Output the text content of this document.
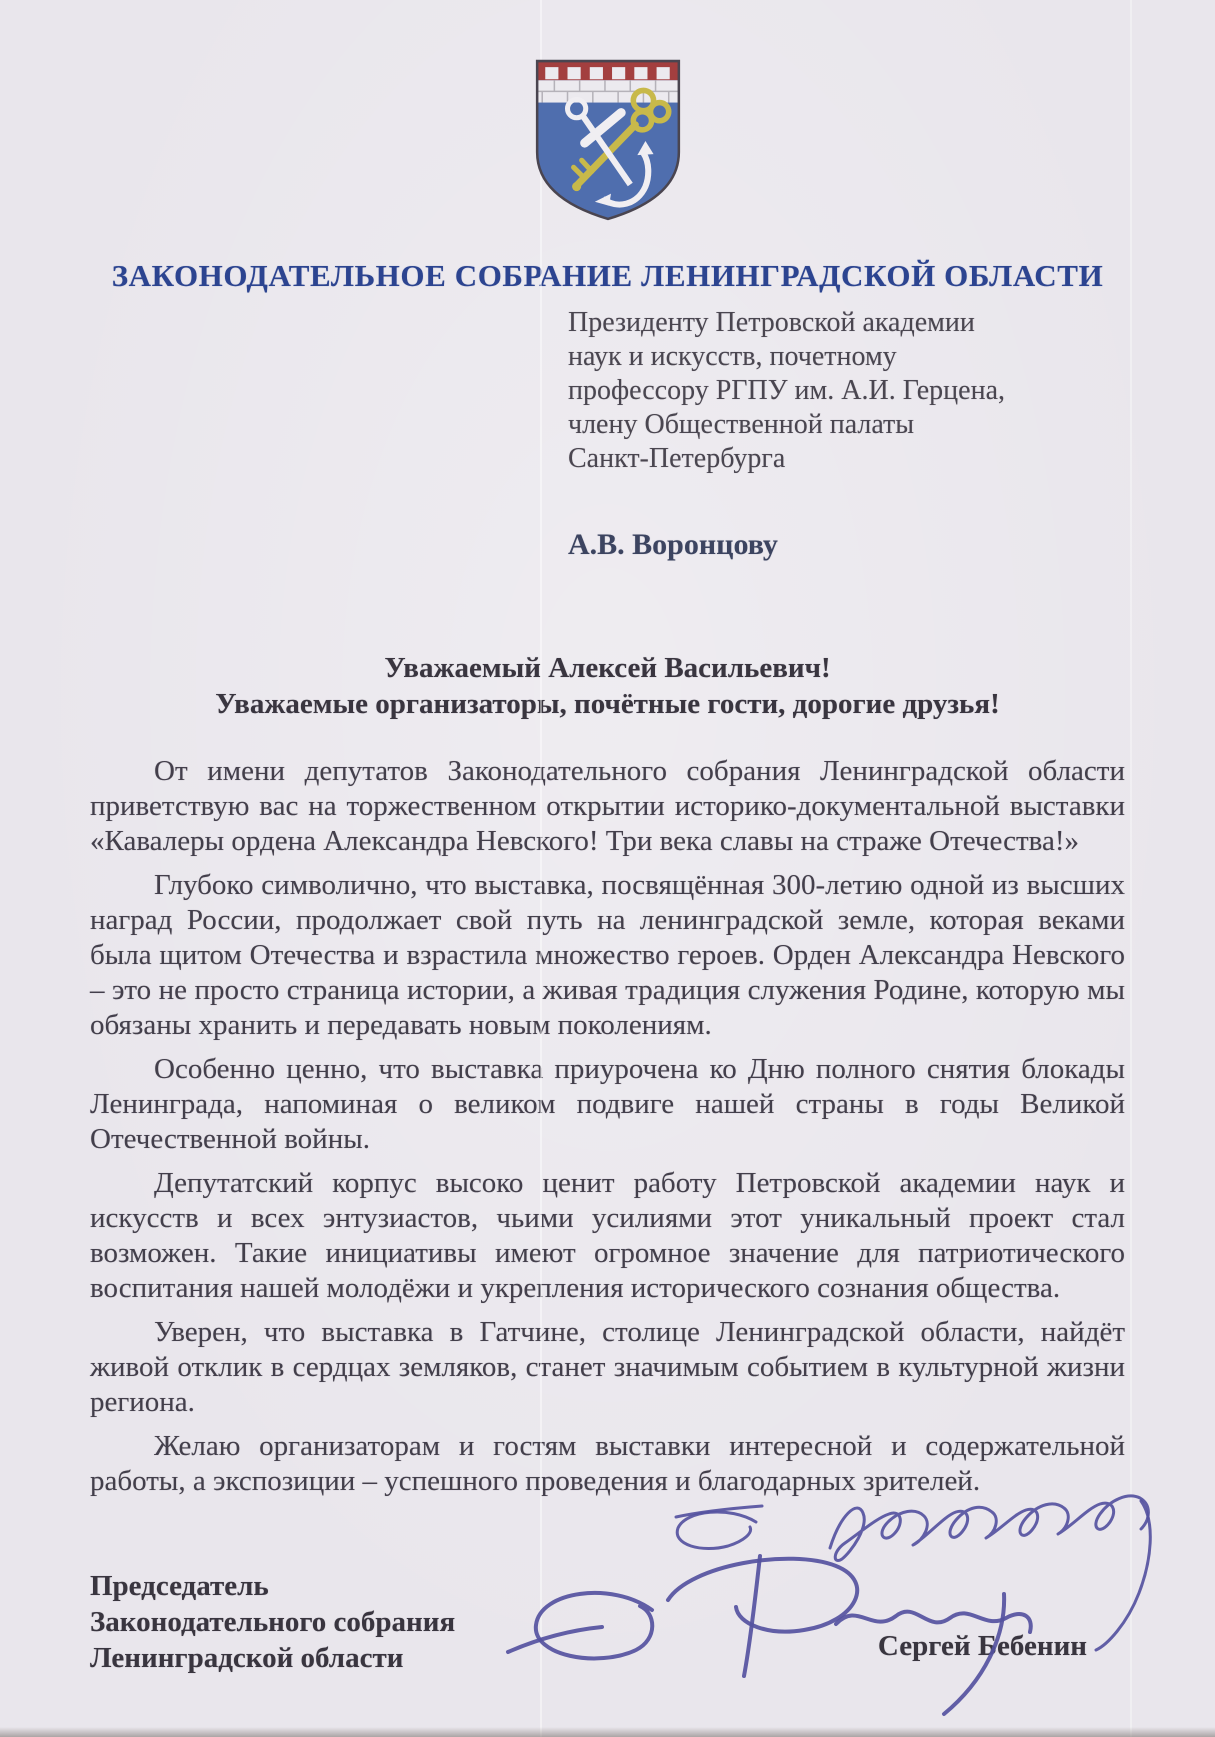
ЗАКОНОДАТЕЛЬНОЕ СОБРАНИЕ ЛЕНИНГРАДСКОЙ ОБЛАСТИ
Президенту Петровской академии
наук и искусств, почетному
профессору РГПУ им. А.И. Герцена,
члену Общественной палаты
Санкт-Петербурга
А.В. Воронцову
Уважаемый Алексей Васильевич!
Уважаемые организаторы, почётные гости, дорогие друзья!

От имени депутатов Законодательного собрания Ленинградской области приветствую вас на торжественном открытии историко-документальной выставки «Кавалеры ордена Александра Невского! Три века славы на страже Отечества!»

Глубоко символично, что выставка, посвящённая 300-летию одной из высших наград России, продолжает свой путь на ленинградской земле, которая веками была щитом Отечества и взрастила множество героев. Орден Александра Невского – это не просто страница истории, а живая традиция служения Родине, которую мы обязаны хранить и передавать новым поколениям.

Особенно ценно, что выставка приурочена ко Дню полного снятия блокады Ленинграда, напоминая о великом подвиге нашей страны в годы Великой Отечественной войны.

Депутатский корпус высоко ценит работу Петровской академии наук и искусств и всех энтузиастов, чьими усилиями этот уникальный проект стал возможен. Такие инициативы имеют огромное значение для патриотического воспитания нашей молодёжи и укрепления исторического сознания общества.

Уверен, что выставка в Гатчине, столице Ленинградской области, найдёт живой отклик в сердцах земляков, станет значимым событием в культурной жизни региона.

Желаю организаторам и гостям выставки интересной и содержательной работы, а экспозиции – успешного проведения и благодарных зрителей.

Председатель
Законодательного собрания
Ленинградской области	Сергей Бебенин
